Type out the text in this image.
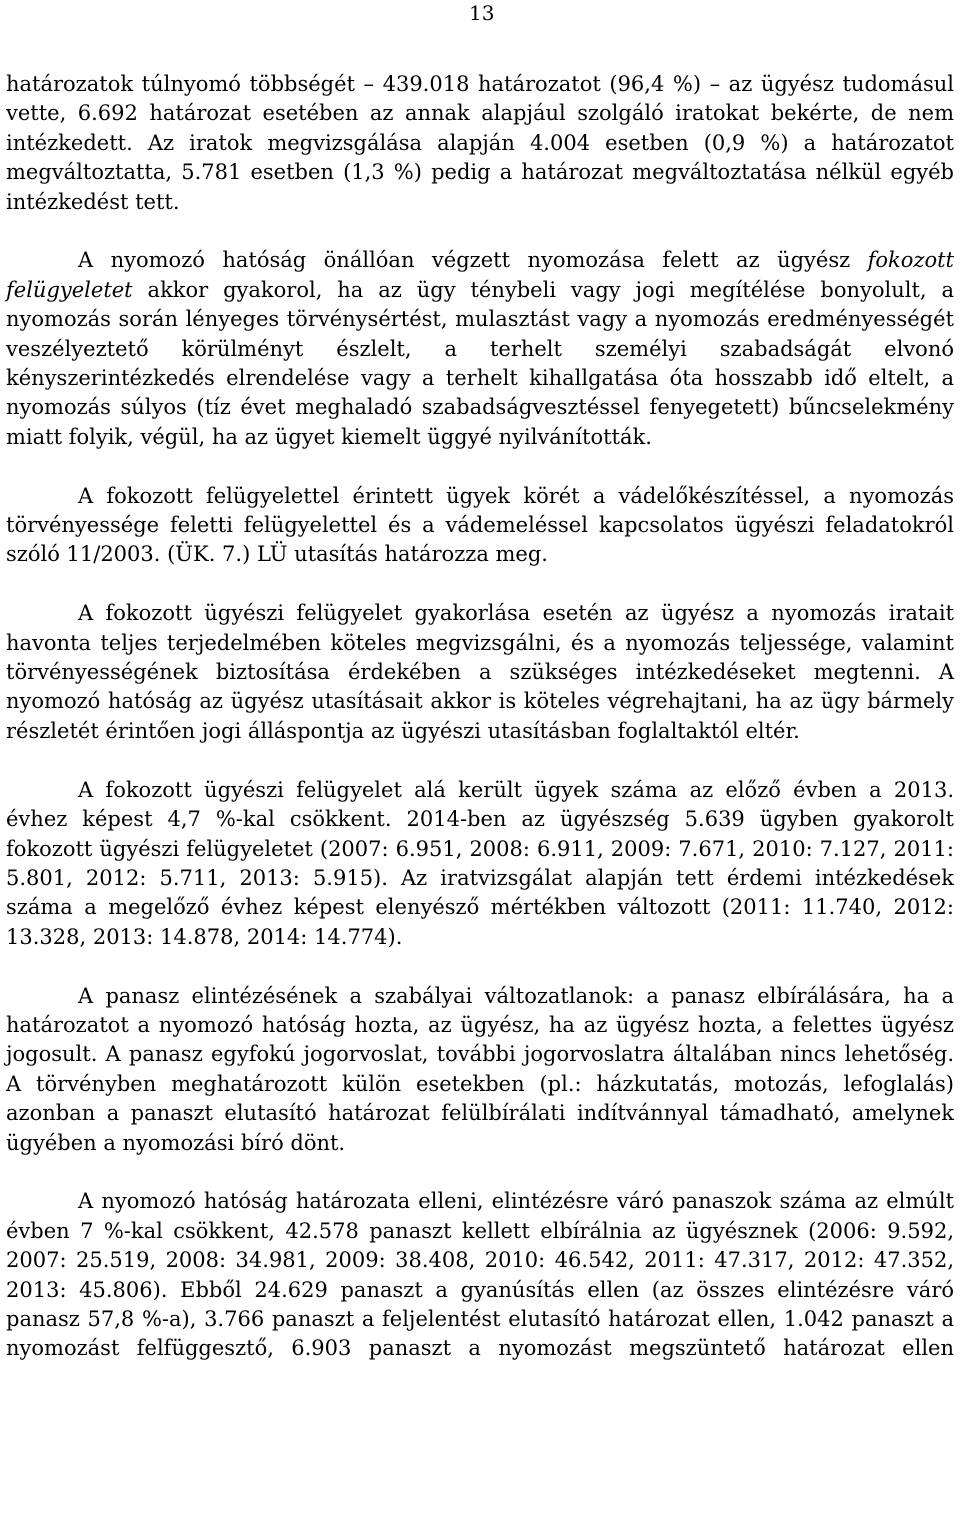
13

határozatok túlnyomó többségét – 439.018 határozatot (96,4 %) – az ügyész tudomásul vette, 6.692 határozat esetében az annak alapjául szolgáló iratokat bekérte, de nem intézkedett. Az iratok megvizsgálása alapján 4.004 esetben (0,9 %) a határozatot megváltoztatta, 5.781 esetben (1,3 %) pedig a határozat megváltoztatása nélkül egyéb intézkedést tett.

A nyomozó hatóság önállóan végzett nyomozása felett az ügyész fokozott felügyeletet akkor gyakorol, ha az ügy ténybeli vagy jogi megítélése bonyolult, a nyomozás során lényeges törvénysértést, mulasztást vagy a nyomozás eredményességét veszélyeztető körülményt észlelt, a terhelt személyi szabadságát elvonó kényszerintézkedés elrendelése vagy a terhelt kihallgatása óta hosszabb idő eltelt, a nyomozás súlyos (tíz évet meghaladó szabadságvesztéssel fenyegetett) bűncselekmény miatt folyik, végül, ha az ügyet kiemelt üggyé nyilvánították.

A fokozott felügyelettel érintett ügyek körét a vádelőkészítéssel, a nyomozás törvényessége feletti felügyelettel és a vádemeléssel kapcsolatos ügyészi feladatokról szóló 11/2003. (ÜK. 7.) LÜ utasítás határozza meg.

A fokozott ügyészi felügyelet gyakorlása esetén az ügyész a nyomozás iratait havonta teljes terjedelmében köteles megvizsgálni, és a nyomozás teljessége, valamint törvényességének biztosítása érdekében a szükséges intézkedéseket megtenni. A nyomozó hatóság az ügyész utasításait akkor is köteles végrehajtani, ha az ügy bármely részletét érintően jogi álláspontja az ügyészi utasításban foglaltaktól eltér.

A fokozott ügyészi felügyelet alá került ügyek száma az előző évben a 2013. évhez képest 4,7 %-kal csökkent. 2014-ben az ügyészség 5.639 ügyben gyakorolt fokozott ügyészi felügyeletet (2007: 6.951, 2008: 6.911, 2009: 7.671, 2010: 7.127, 2011: 5.801, 2012: 5.711, 2013: 5.915). Az iratvizsgálat alapján tett érdemi intézkedések száma a megelőző évhez képest elenyésző mértékben változott (2011: 11.740, 2012: 13.328, 2013: 14.878, 2014: 14.774).

A panasz elintézésének a szabályai változatlanok: a panasz elbírálására, ha a határozatot a nyomozó hatóság hozta, az ügyész, ha az ügyész hozta, a felettes ügyész jogosult. A panasz egyfokú jogorvoslat, további jogorvoslatra általában nincs lehetőség. A törvényben meghatározott külön esetekben (pl.: házkutatás, motozás, lefoglalás) azonban a panaszt elutasító határozat felülbírálati indítvánnyal támadható, amelynek ügyében a nyomozási bíró dönt.

A nyomozó hatóság határozata elleni, elintézésre váró panaszok száma az elmúlt évben 7 %-kal csökkent, 42.578 panaszt kellett elbírálnia az ügyésznek (2006: 9.592, 2007: 25.519, 2008: 34.981, 2009: 38.408, 2010: 46.542, 2011: 47.317, 2012: 47.352, 2013: 45.806). Ebből 24.629 panaszt a gyanúsítás ellen (az összes elintézésre váró panasz 57,8 %-a), 3.766 panaszt a feljelentést elutasító határozat ellen, 1.042 panaszt a nyomozást felfüggesztő, 6.903 panaszt a nyomozást megszüntető határozat ellen
